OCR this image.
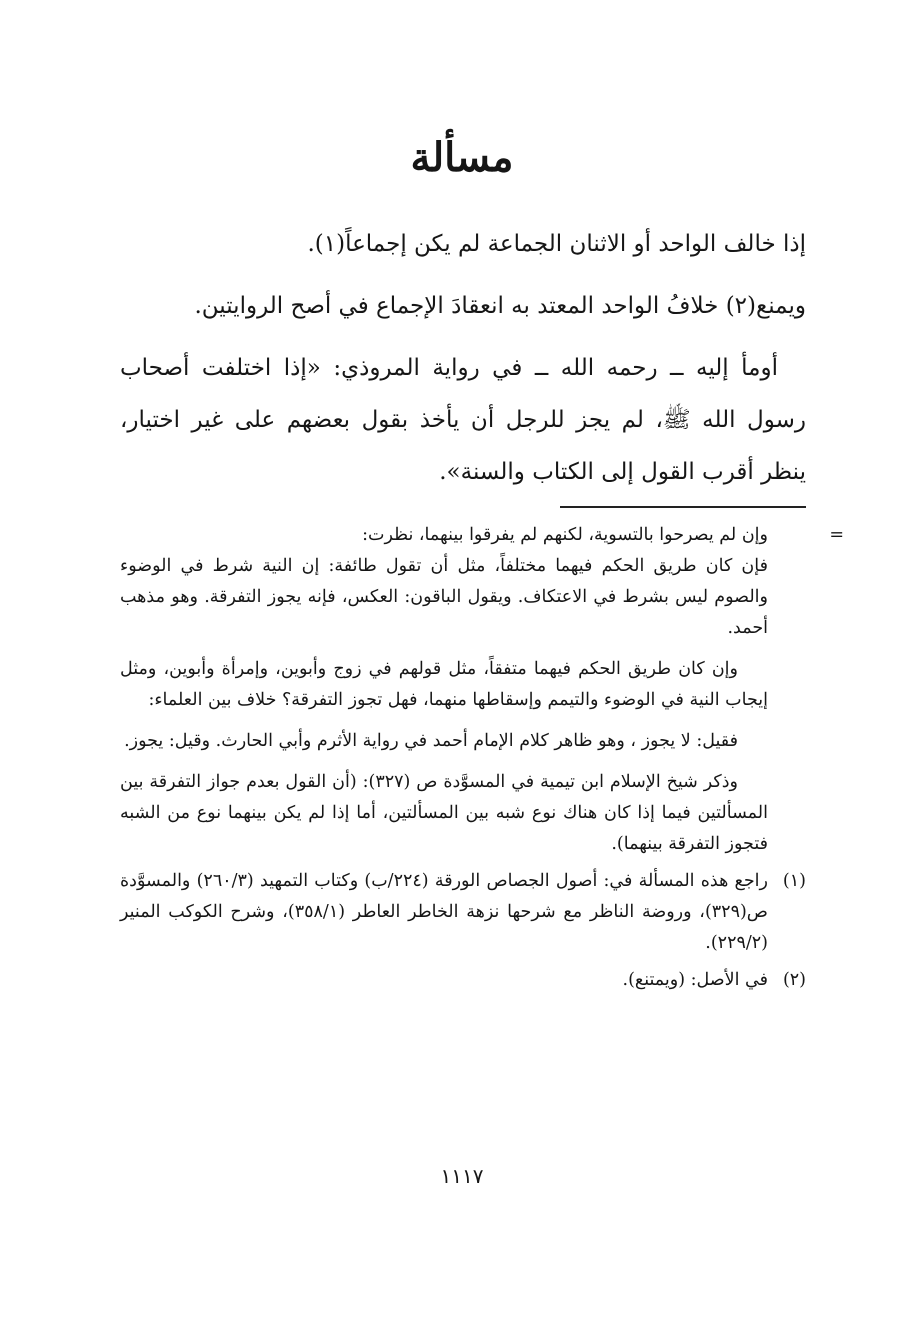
مسألة

إذا خالف الواحد أو الاثنان الجماعة لم يكن إجماعاً(١).

ويمنع(٢) خلافُ الواحد المعتد به انعقادَ الإجماع في أصح الروايتين.

أومأ إليه ــ رحمه الله ــ في رواية المروذي: «إذا اختلفت أصحاب رسول الله ﷺ، لم يجز للرجل أن يأخذ بقول بعضهم على غير اختيار، ينظر أقرب القول إلى الكتاب والسنة».

=وإن لم يصرحوا بالتسوية، لكنهم لم يفرقوا بينهما، نظرت:

فإن كان طريق الحكم فيهما مختلفاً، مثل أن تقول طائفة: إن النية شرط في الوضوء والصوم ليس بشرط في الاعتكاف. ويقول الباقون: العكس، فإنه يجوز التفرقة. وهو مذهب أحمد.

وإن كان طريق الحكم فيهما متفقاً، مثل قولهم في زوج وأبوين، وإمرأة وأبوين، ومثل إيجاب النية في الوضوء والتيمم وإسقاطها منهما، فهل تجوز التفرقة؟ خلاف بين العلماء:

فقيل: لا يجوز ، وهو ظاهر كلام الإمام أحمد في رواية الأثرم وأبي الحارث. وقيل: يجوز.

وذكر شيخ الإسلام ابن تيمية في المسوَّدة ص (٣٢٧): (أن القول بعدم جواز التفرقة بين المسألتين فيما إذا كان هناك نوع شبه بين المسألتين، أما إذا لم يكن بينهما نوع من الشبه فتجوز التفرقة بينهما).

(١)راجع هذه المسألة في: أصول الجصاص الورقة (٢٢٤/ب) وكتاب التمهيد (٢٦٠/٣) والمسوَّدة ص(٣٢٩)، وروضة الناظر مع شرحها نزهة الخاطر العاطر (٣٥٨/١)، وشرح الكوكب المنير (٢٢٩/٢).

(٢)في الأصل: (ويمتنع).

١١١٧
